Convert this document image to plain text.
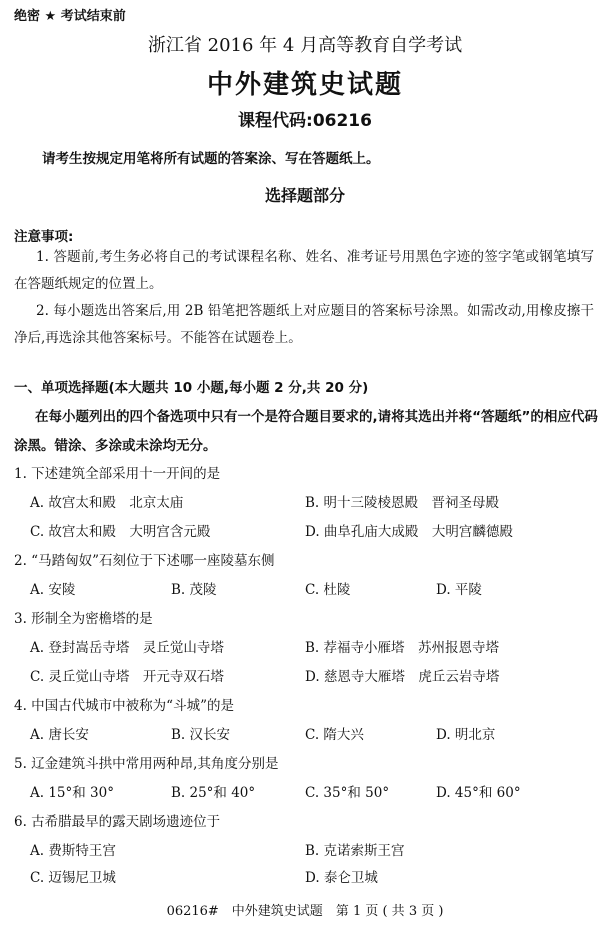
绝密 ★ 考试结束前
浙江省 2016 年 4 月高等教育自学考试
中外建筑史试题
课程代码:06216
请考生按规定用笔将所有试题的答案涂、写在答题纸上。
选择题部分
注意事项:
1. 答题前,考生务必将自己的考试课程名称、姓名、准考证号用黑色字迹的签字笔或钢笔填写在答题纸规定的位置上。
2. 每小题选出答案后,用 2B 铅笔把答题纸上对应题目的答案标号涂黑。如需改动,用橡皮擦干净后,再选涂其他答案标号。不能答在试题卷上。
一、单项选择题(本大题共 10 小题,每小题 2 分,共 20 分)
在每小题列出的四个备选项中只有一个是符合题目要求的,请将其选出并将“答题纸”的相应代码涂黑。错涂、多涂或未涂均无分。
1. 下述建筑全部采用十一开间的是
A. 故宫太和殿　北京太庙	B. 明十三陵棱恩殿　晋祠圣母殿
C. 故宫太和殿　大明宫含元殿	D. 曲阜孔庙大成殿　大明宫麟德殿
2. “马踏匈奴”石刻位于下述哪一座陵墓东侧
A. 安陵	B. 茂陵	C. 杜陵	D. 平陵
3. 形制全为密檐塔的是
A. 登封嵩岳寺塔　灵丘觉山寺塔	B. 荐福寺小雁塔　苏州报恩寺塔
C. 灵丘觉山寺塔　开元寺双石塔	D. 慈恩寺大雁塔　虎丘云岩寺塔
4. 中国古代城市中被称为“斗城”的是
A. 唐长安	B. 汉长安	C. 隋大兴	D. 明北京
5. 辽金建筑斗拱中常用两种昂,其角度分别是
A. 15°和 30°	B. 25°和 40°	C. 35°和 50°	D. 45°和 60°
6. 古希腊最早的露天剧场遗迹位于
A. 费斯特王宫	B. 克诺索斯王宫
C. 迈锡尼卫城	D. 泰仑卫城
06216#　中外建筑史试题　第 1 页 ( 共 3 页 )
